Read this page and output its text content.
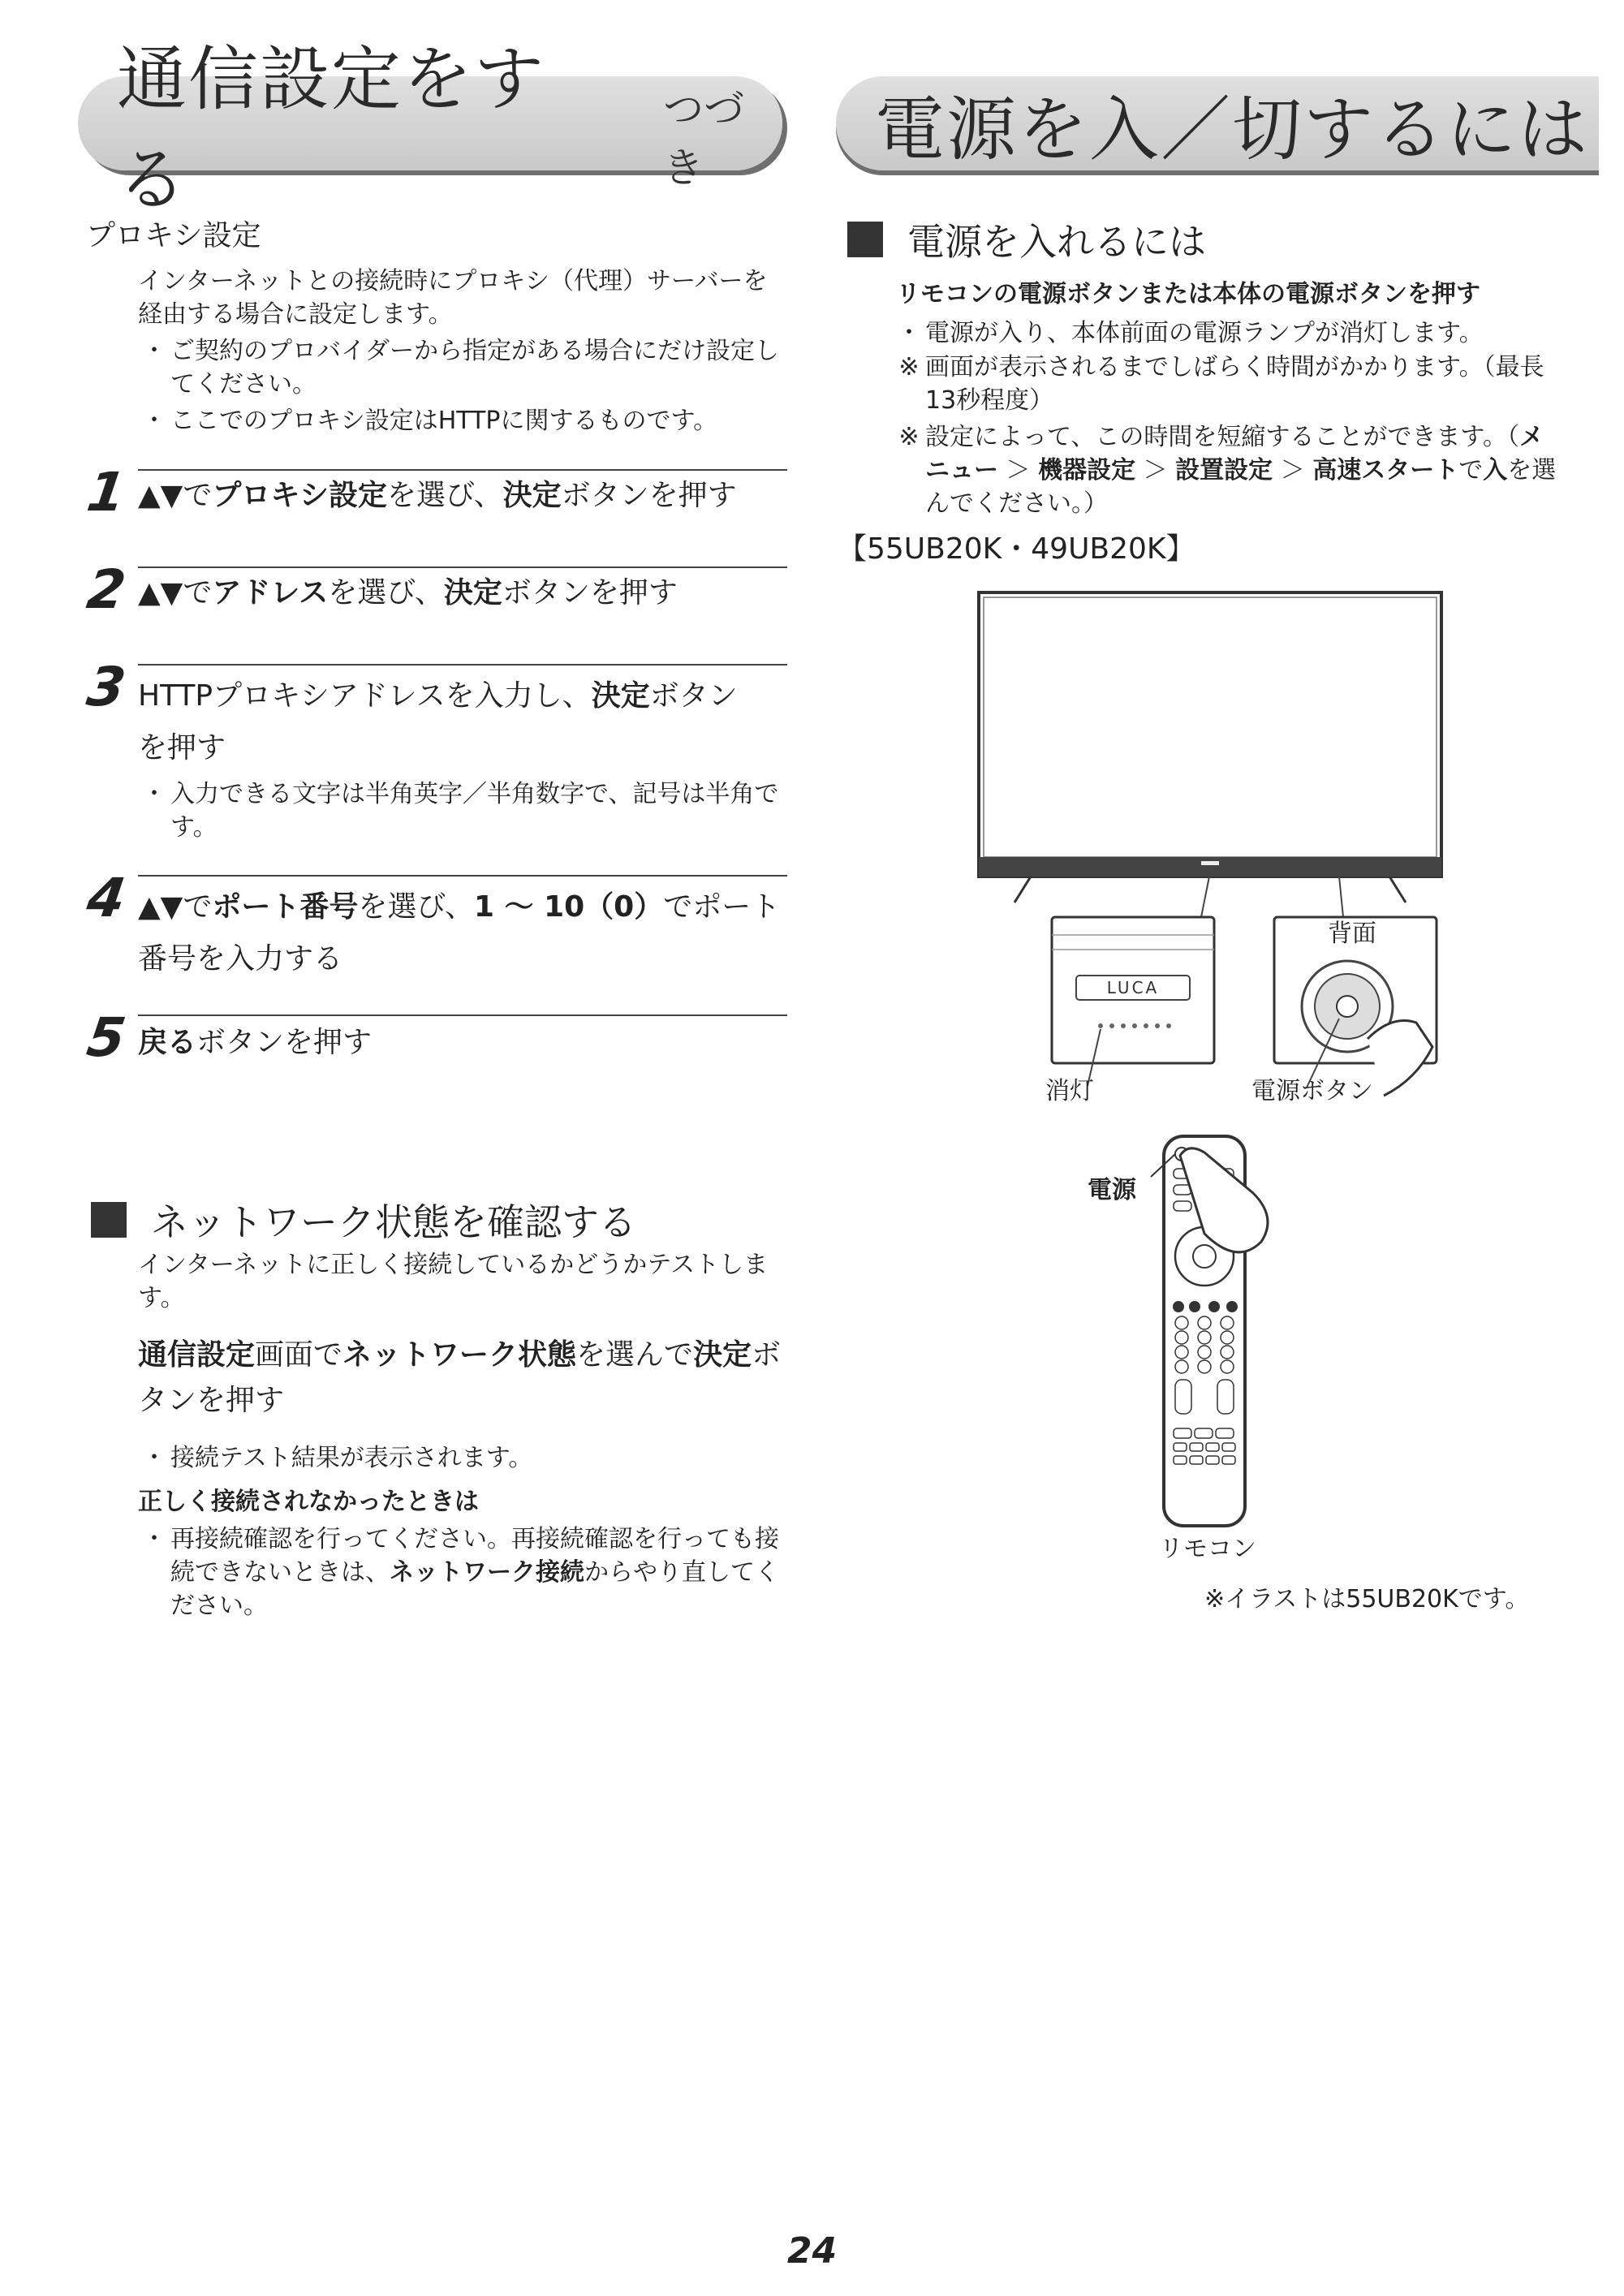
通信設定をする
つづき	電源を入／切するには
プロキシ設定
インターネットとの接続時にプロキシ（代理）サーバーを経由する場合に設定します。
・ ご契約のプロバイダーから指定がある場合にだけ設定してください。
・ ここでのプロキシ設定はHTTPに関するものです。
1 ▲▼でプロキシ設定を選び、決定ボタンを押す
2 ▲▼でアドレスを選び、決定ボタンを押す
3 HTTPプロキシアドレスを入力し、決定ボタン
を押す
・ 入力できる文字は半角英字／半角数字で、記号は半角です。
4 ▲▼でポート番号を選び、1 〜 10（0）でポート番号を入力する
5 戻るボタンを押す
ネットワーク状態を確認する
インターネットに正しく接続しているかどうかテストします。
通信設定画面でネットワーク状態を選んで決定ボタンを押す
・ 接続テスト結果が表示されます。
正しく接続されなかったときは
・ 再接続確認を行ってください。再接続確認を行っても接続できないときは、ネットワーク接続からやり直してください。
電源を入れるには
リモコンの電源ボタンまたは本体の電源ボタンを押す
・ 電源が入り、本体前面の電源ランプが消灯します。
※ 画面が表示されるまでしばらく時間がかかります。（最長13秒程度）
※ 設定によって、この時間を短縮することができます。（メニュー ＞ 機器設定 ＞ 設置設定 ＞ 高速スタートで入を選んでください。）
【55UB20K・49UB20K】
LUCA
消灯
背面
電源ボタン
電源
リモコン
※イラストは55UB20Kです。
24
